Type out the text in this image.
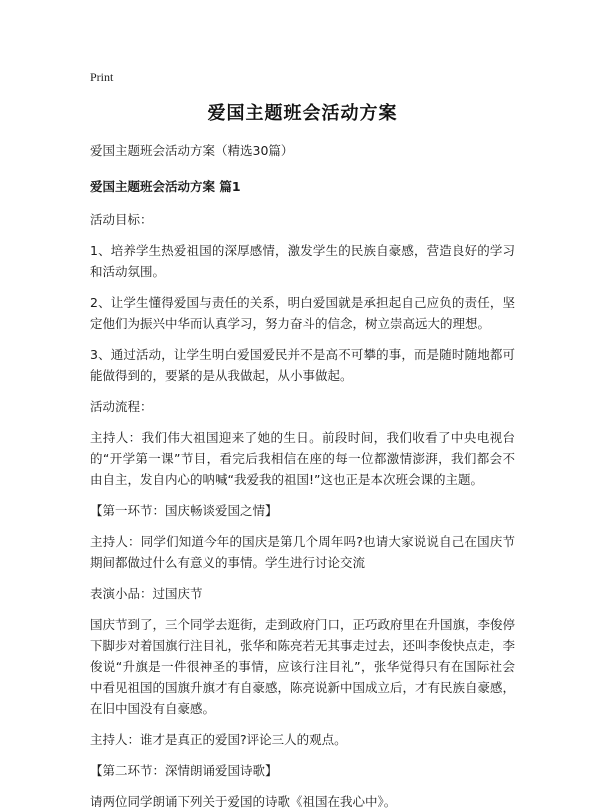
Print
爱国主题班会活动方案

爱国主题班会活动方案（精选30篇）

爱国主题班会活动方案 篇1

活动目标：

1、培养学生热爱祖国的深厚感情，激发学生的民族自豪感，营造良好的学习和活动氛围。

2、让学生懂得爱国与责任的关系，明白爱国就是承担起自己应负的责任，坚定他们为振兴中华而认真学习，努力奋斗的信念，树立崇高远大的理想。

3、通过活动，让学生明白爱国爱民并不是高不可攀的事，而是随时随地都可能做得到的，要紧的是从我做起，从小事做起。

活动流程：

主持人：我们伟大祖国迎来了她的生日。前段时间，我们收看了中央电视台的“开学第一课”节目，看完后我相信在座的每一位都激情澎湃，我们都会不由自主，发自内心的呐喊“我爱我的祖国!”这也正是本次班会课的主题。

【第一环节：国庆畅谈爱国之情】

主持人：同学们知道今年的国庆是第几个周年吗?也请大家说说自己在国庆节期间都做过什么有意义的事情。学生进行讨论交流

表演小品：过国庆节

国庆节到了，三个同学去逛街，走到政府门口，正巧政府里在升国旗，李俊停下脚步对着国旗行注目礼，张华和陈亮若无其事走过去，还叫李俊快点走，李俊说“升旗是一件很神圣的事情，应该行注目礼”，张华觉得只有在国际社会中看见祖国的国旗升旗才有自豪感，陈亮说新中国成立后，才有民族自豪感，在旧中国没有自豪感。

主持人：谁才是真正的爱国?评论三人的观点。

【第二环节：深情朗诵爱国诗歌】

请两位同学朗诵下列关于爱国的诗歌《祖国在我心中》。
